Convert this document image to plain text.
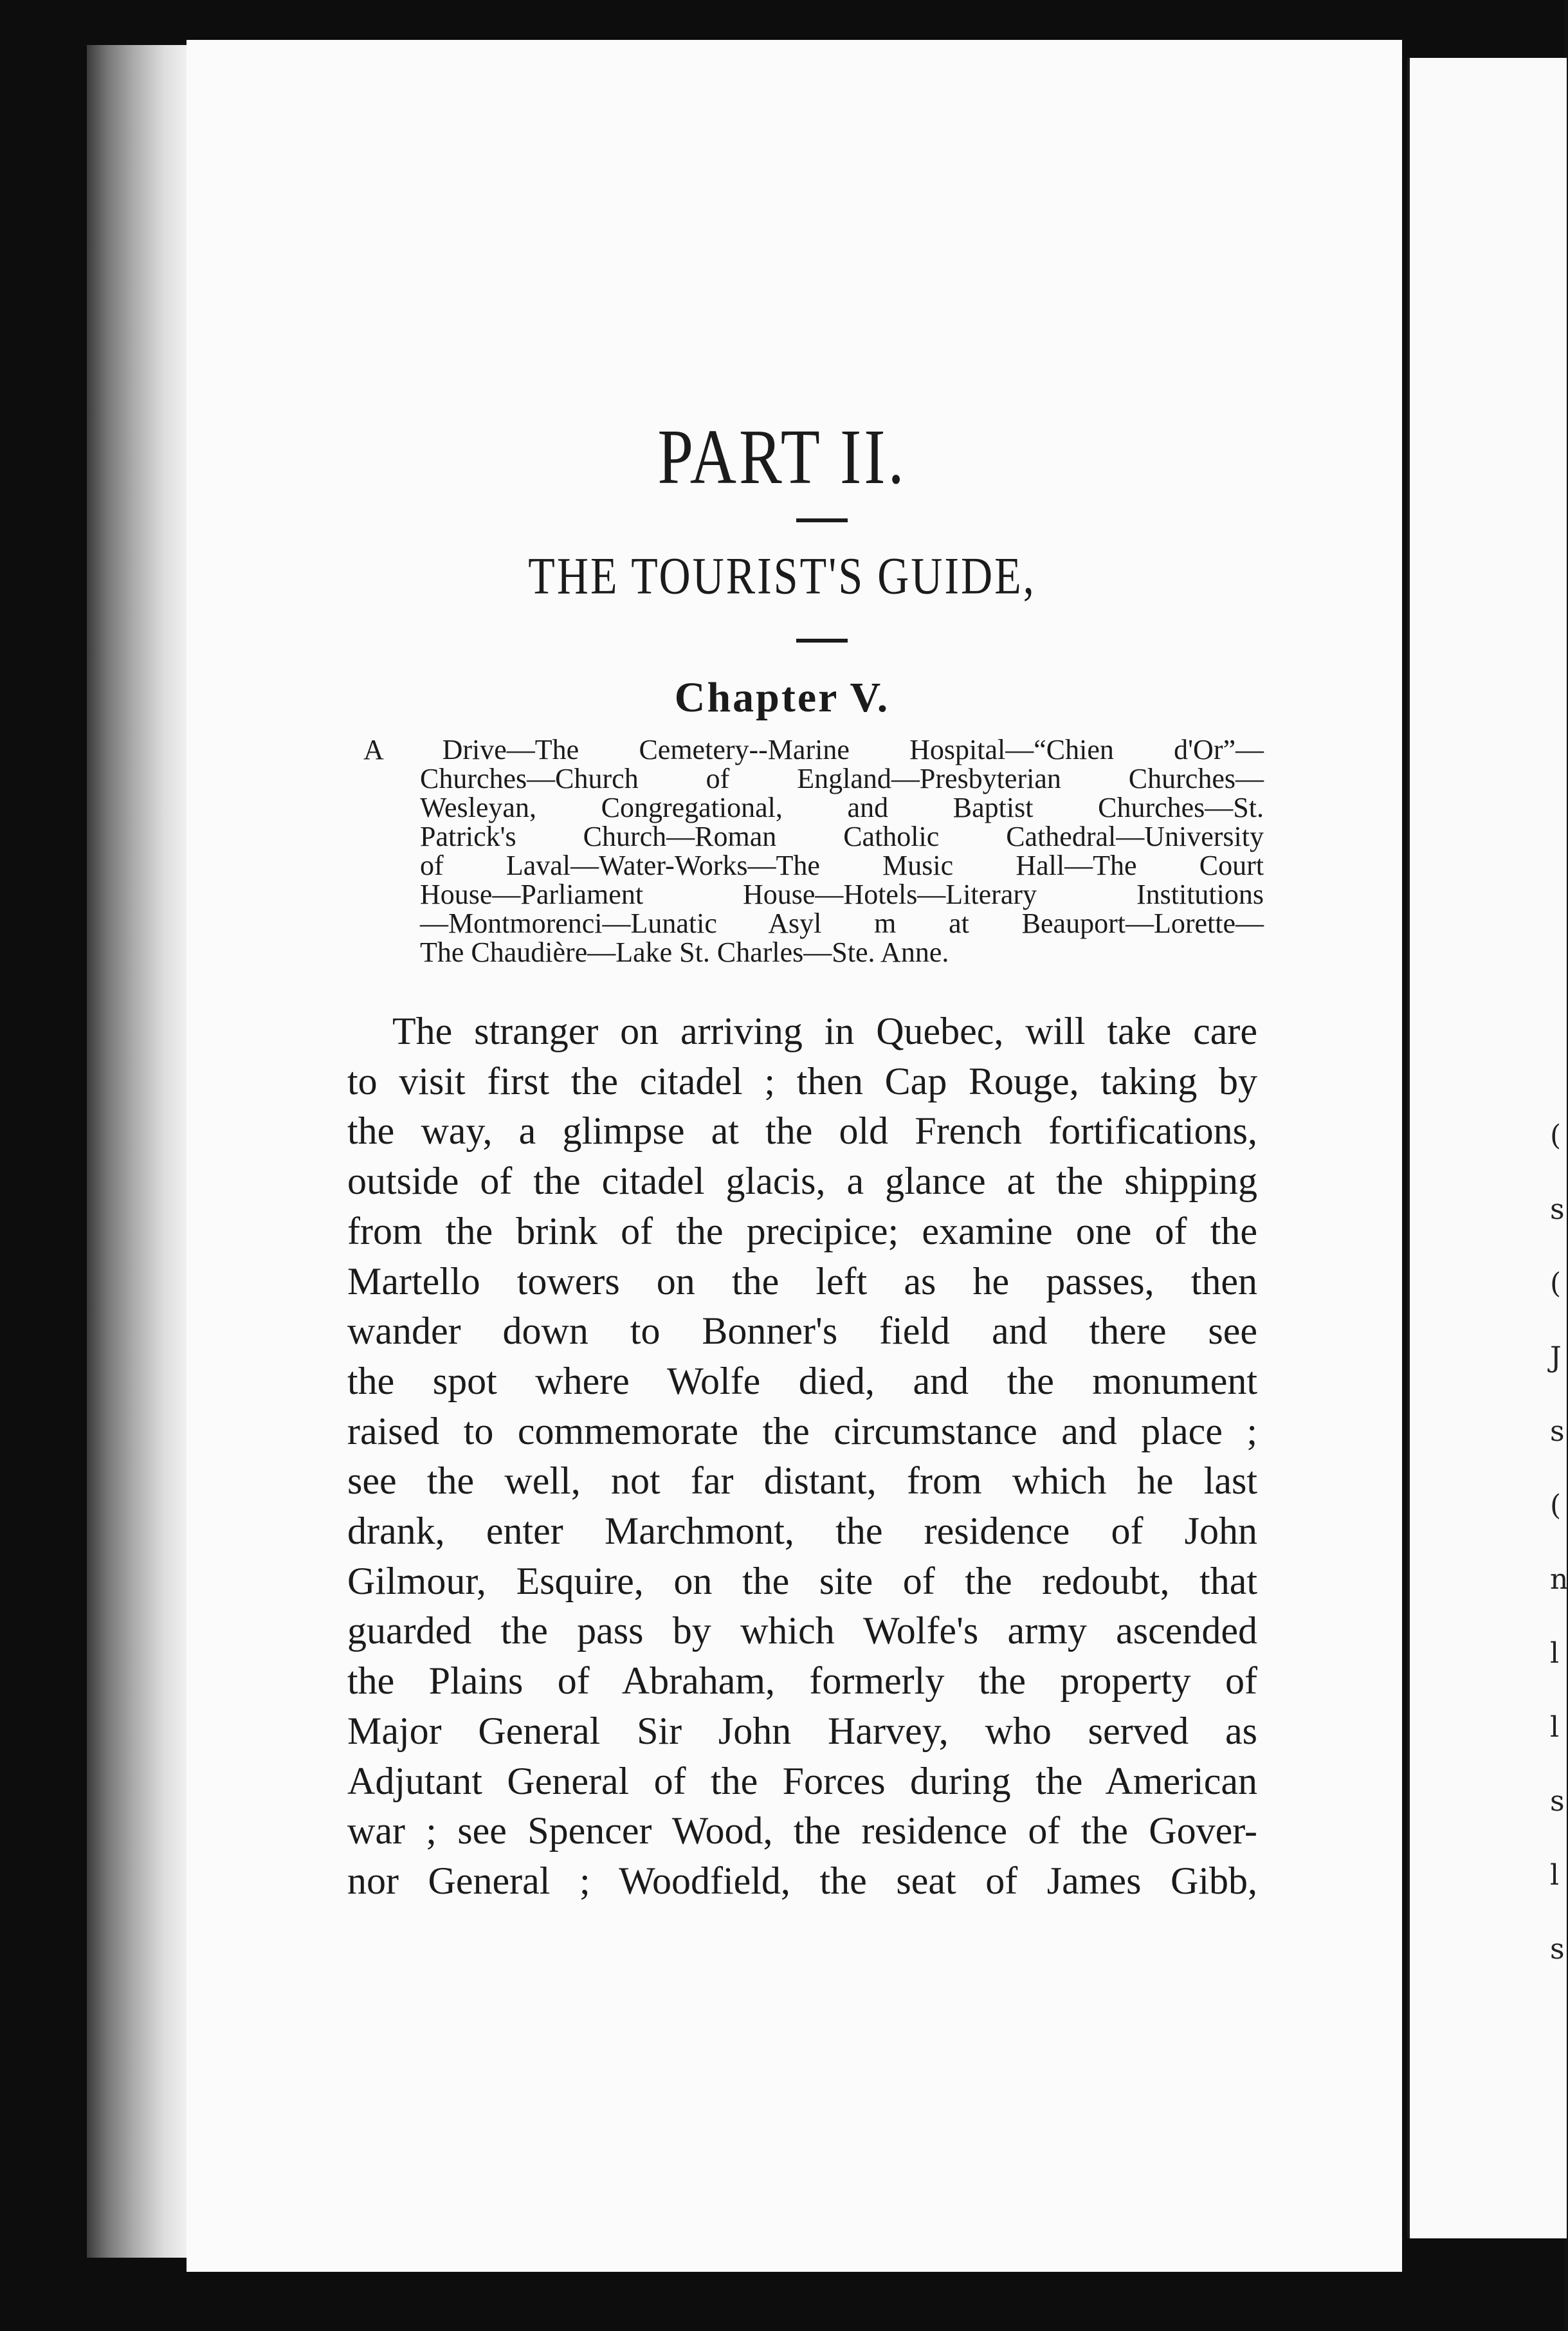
(
s
(
J
s
(
n
l
l
s
l
s
PART II.
THE TOURIST'S GUIDE,
Chapter V.
A Drive—The Cemetery--Marine Hospital—“Chien d'Or”—
Churches—Church of England—Presbyterian Churches—
Wesleyan, Congregational, and Baptist Churches—St.
Patrick's Church—Roman Catholic Cathedral—University
of Laval—Water-Works—The Music Hall—The Court
House—Parliament House—Hotels—Literary Institutions
—Montmorenci—Lunatic Asyl m at Beauport—Lorette—
The Chaudière—Lake St. Charles—Ste. Anne.
The stranger on arriving in Quebec, will take care
to visit first the citadel ; then Cap Rouge, taking by
the way, a glimpse at the old French fortifications,
outside of the citadel glacis, a glance at the shipping
from the brink of the precipice; examine one of the
Martello towers on the left as he passes, then
wander down to Bonner's field and there see
the spot where Wolfe died, and the monument
raised to commemorate the circumstance and place ;
see the well, not far distant, from which he last
drank, enter Marchmont, the residence of John
Gilmour, Esquire, on the site of the redoubt, that
guarded the pass by which Wolfe's army ascended
the Plains of Abraham, formerly the property of
Major General Sir John Harvey, who served as
Adjutant General of the Forces during the American
war ; see Spencer Wood, the residence of the Gover-
nor General ; Woodfield, the seat of James Gibb,
